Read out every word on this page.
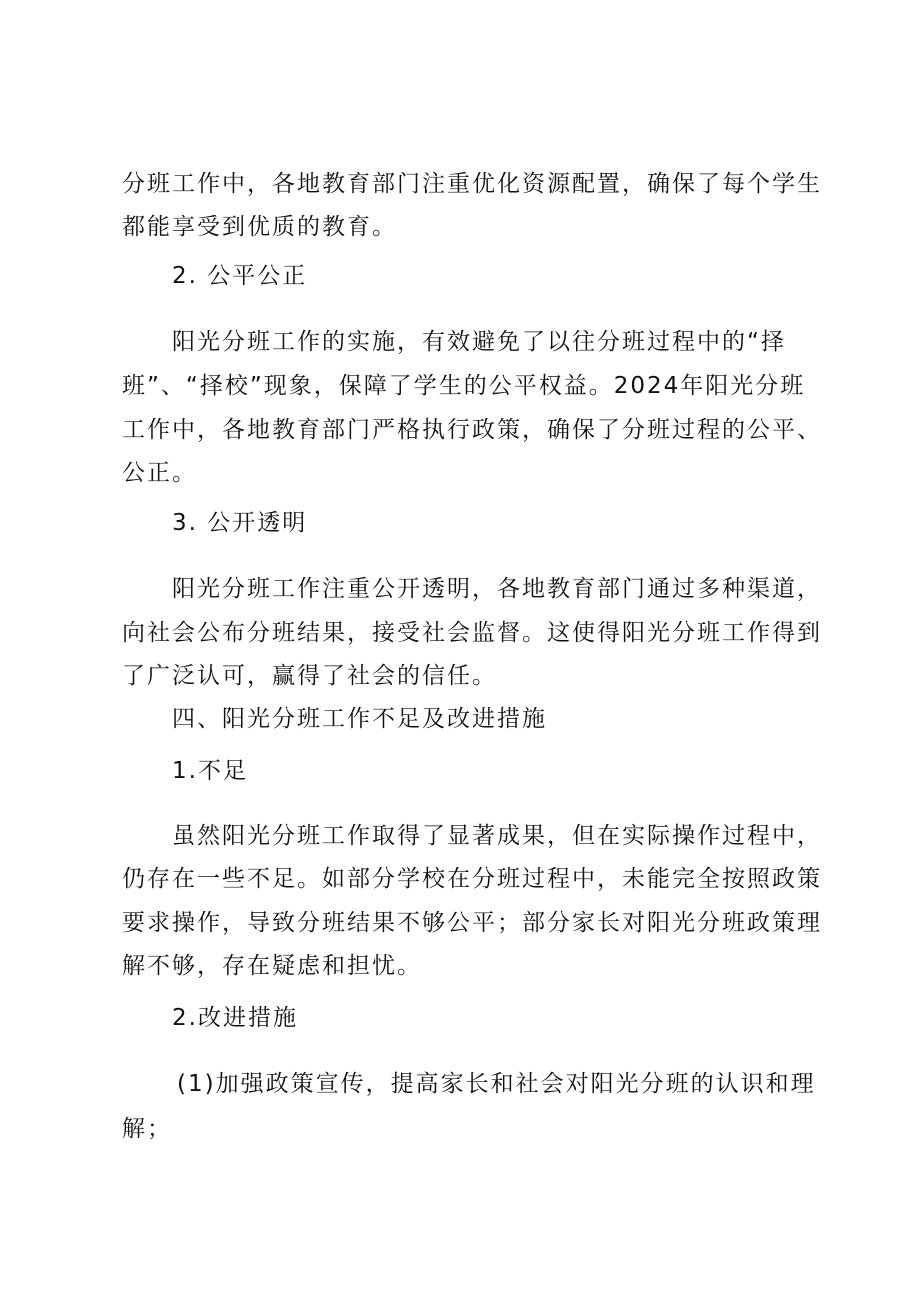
分班工作中，各地教育部门注重优化资源配置，确保了每个学生
都能享受到优质的教育。
2. 公平公正
阳光分班工作的实施，有效避免了以往分班过程中的“择
班”、“择校”现象，保障了学生的公平权益。2024年阳光分班
工作中，各地教育部门严格执行政策，确保了分班过程的公平、
公正。
3. 公开透明
阳光分班工作注重公开透明，各地教育部门通过多种渠道，
向社会公布分班结果，接受社会监督。这使得阳光分班工作得到
了广泛认可，赢得了社会的信任。
四、阳光分班工作不足及改进措施
1.不足
虽然阳光分班工作取得了显著成果，但在实际操作过程中，
仍存在一些不足。如部分学校在分班过程中，未能完全按照政策
要求操作，导致分班结果不够公平；部分家长对阳光分班政策理
解不够，存在疑虑和担忧。
2.改进措施
(1)加强政策宣传，提高家长和社会对阳光分班的认识和理
解；
